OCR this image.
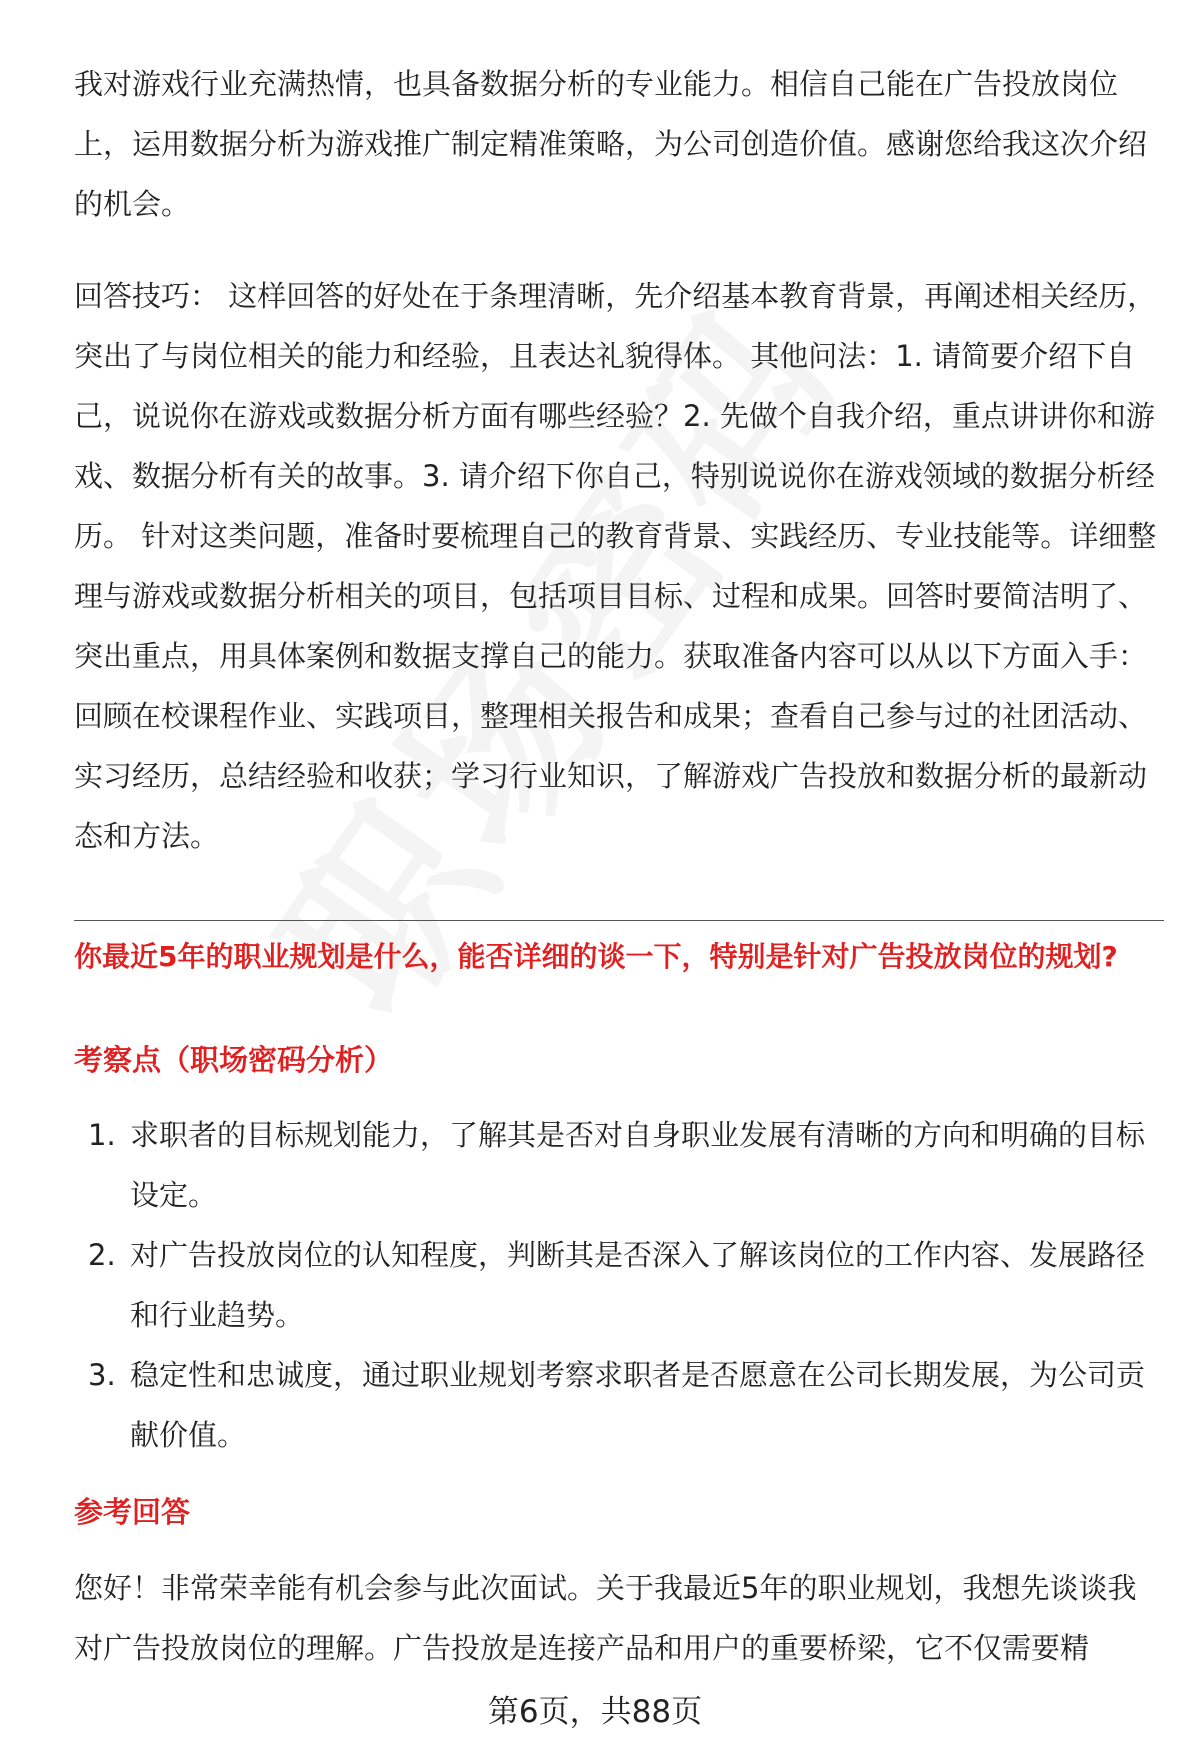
我对游戏行业充满热情，也具备数据分析的专业能力。相信自己能在广告投放岗位上，运用数据分析为游戏推广制定精准策略，为公司创造价值。感谢您给我这次介绍的机会。

回答技巧： 这样回答的好处在于条理清晰，先介绍基本教育背景，再阐述相关经历，突出了与岗位相关的能力和经验，且表达礼貌得体。 其他问法：1. 请简要介绍下自己，说说你在游戏或数据分析方面有哪些经验？2. 先做个自我介绍，重点讲讲你和游戏、数据分析有关的故事。3. 请介绍下你自己，特别说说你在游戏领域的数据分析经历。 针对这类问题，准备时要梳理自己的教育背景、实践经历、专业技能等。详细整理与游戏或数据分析相关的项目，包括项目目标、过程和成果。回答时要简洁明了、突出重点，用具体案例和数据支撑自己的能力。获取准备内容可以从以下方面入手：回顾在校课程作业、实践项目，整理相关报告和成果；查看自己参与过的社团活动、实习经历，总结经验和收获；学习行业知识，了解游戏广告投放和数据分析的最新动态和方法。

你最近5年的职业规划是什么，能否详细的谈一下，特别是针对广告投放岗位的规划?

考察点（职场密码分析）

1. 求职者的目标规划能力，了解其是否对自身职业发展有清晰的方向和明确的目标设定。
2. 对广告投放岗位的认知程度，判断其是否深入了解该岗位的工作内容、发展路径和行业趋势。
3. 稳定性和忠诚度，通过职业规划考察求职者是否愿意在公司长期发展，为公司贡献价值。

参考回答

您好！非常荣幸能有机会参与此次面试。关于我最近5年的职业规划，我想先谈谈我对广告投放岗位的理解。广告投放是连接产品和用户的重要桥梁，它不仅需要精

第6页，共88页
